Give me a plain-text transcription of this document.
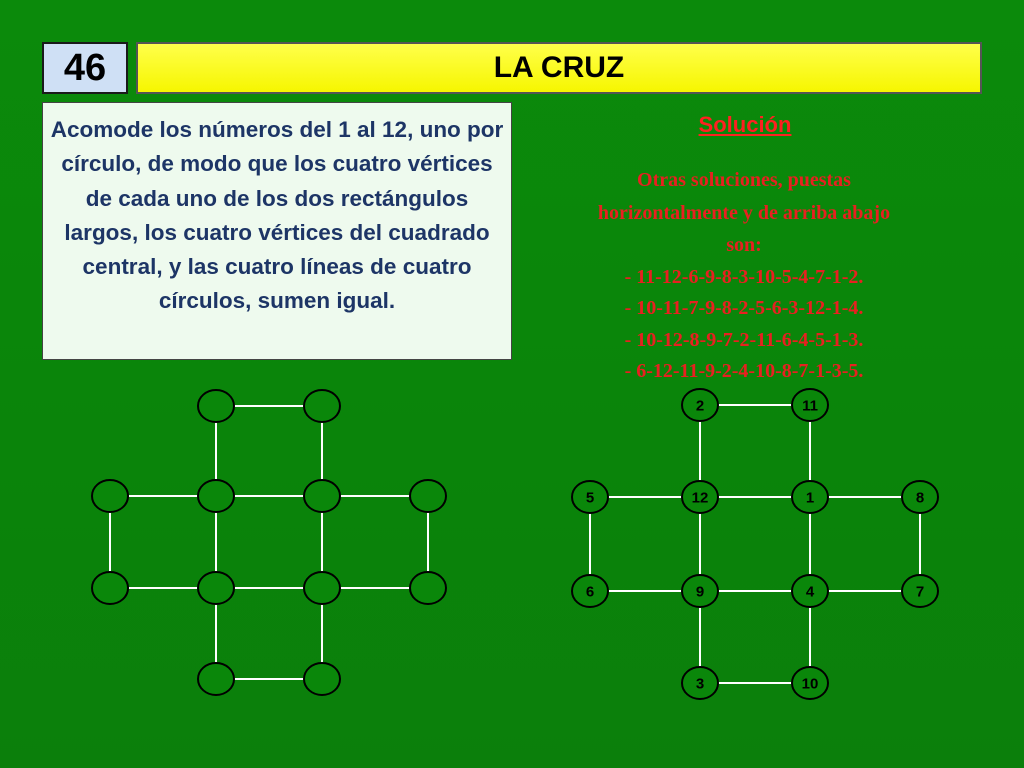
46	LA CRUZ
Acomode los números del 1 al 12, uno por círculo, de modo que los cuatro vértices de cada uno de los dos rectángulos largos, los cuatro vértices del cuadrado central, y las cuatro líneas de cuatro círculos, sumen igual.
Solución
Otras soluciones, puestas
horizontalmente y de arriba abajo
son:
- 11-12-6-9-8-3-10-5-4-7-1-2.
- 10-11-7-9-8-2-5-6-3-12-1-4.
- 10-12-8-9-7-2-11-6-4-5-1-3.
- 6-12-11-9-2-4-10-8-7-1-3-5.
2	11
5	12	1	8
6	9	4	7
3	10
